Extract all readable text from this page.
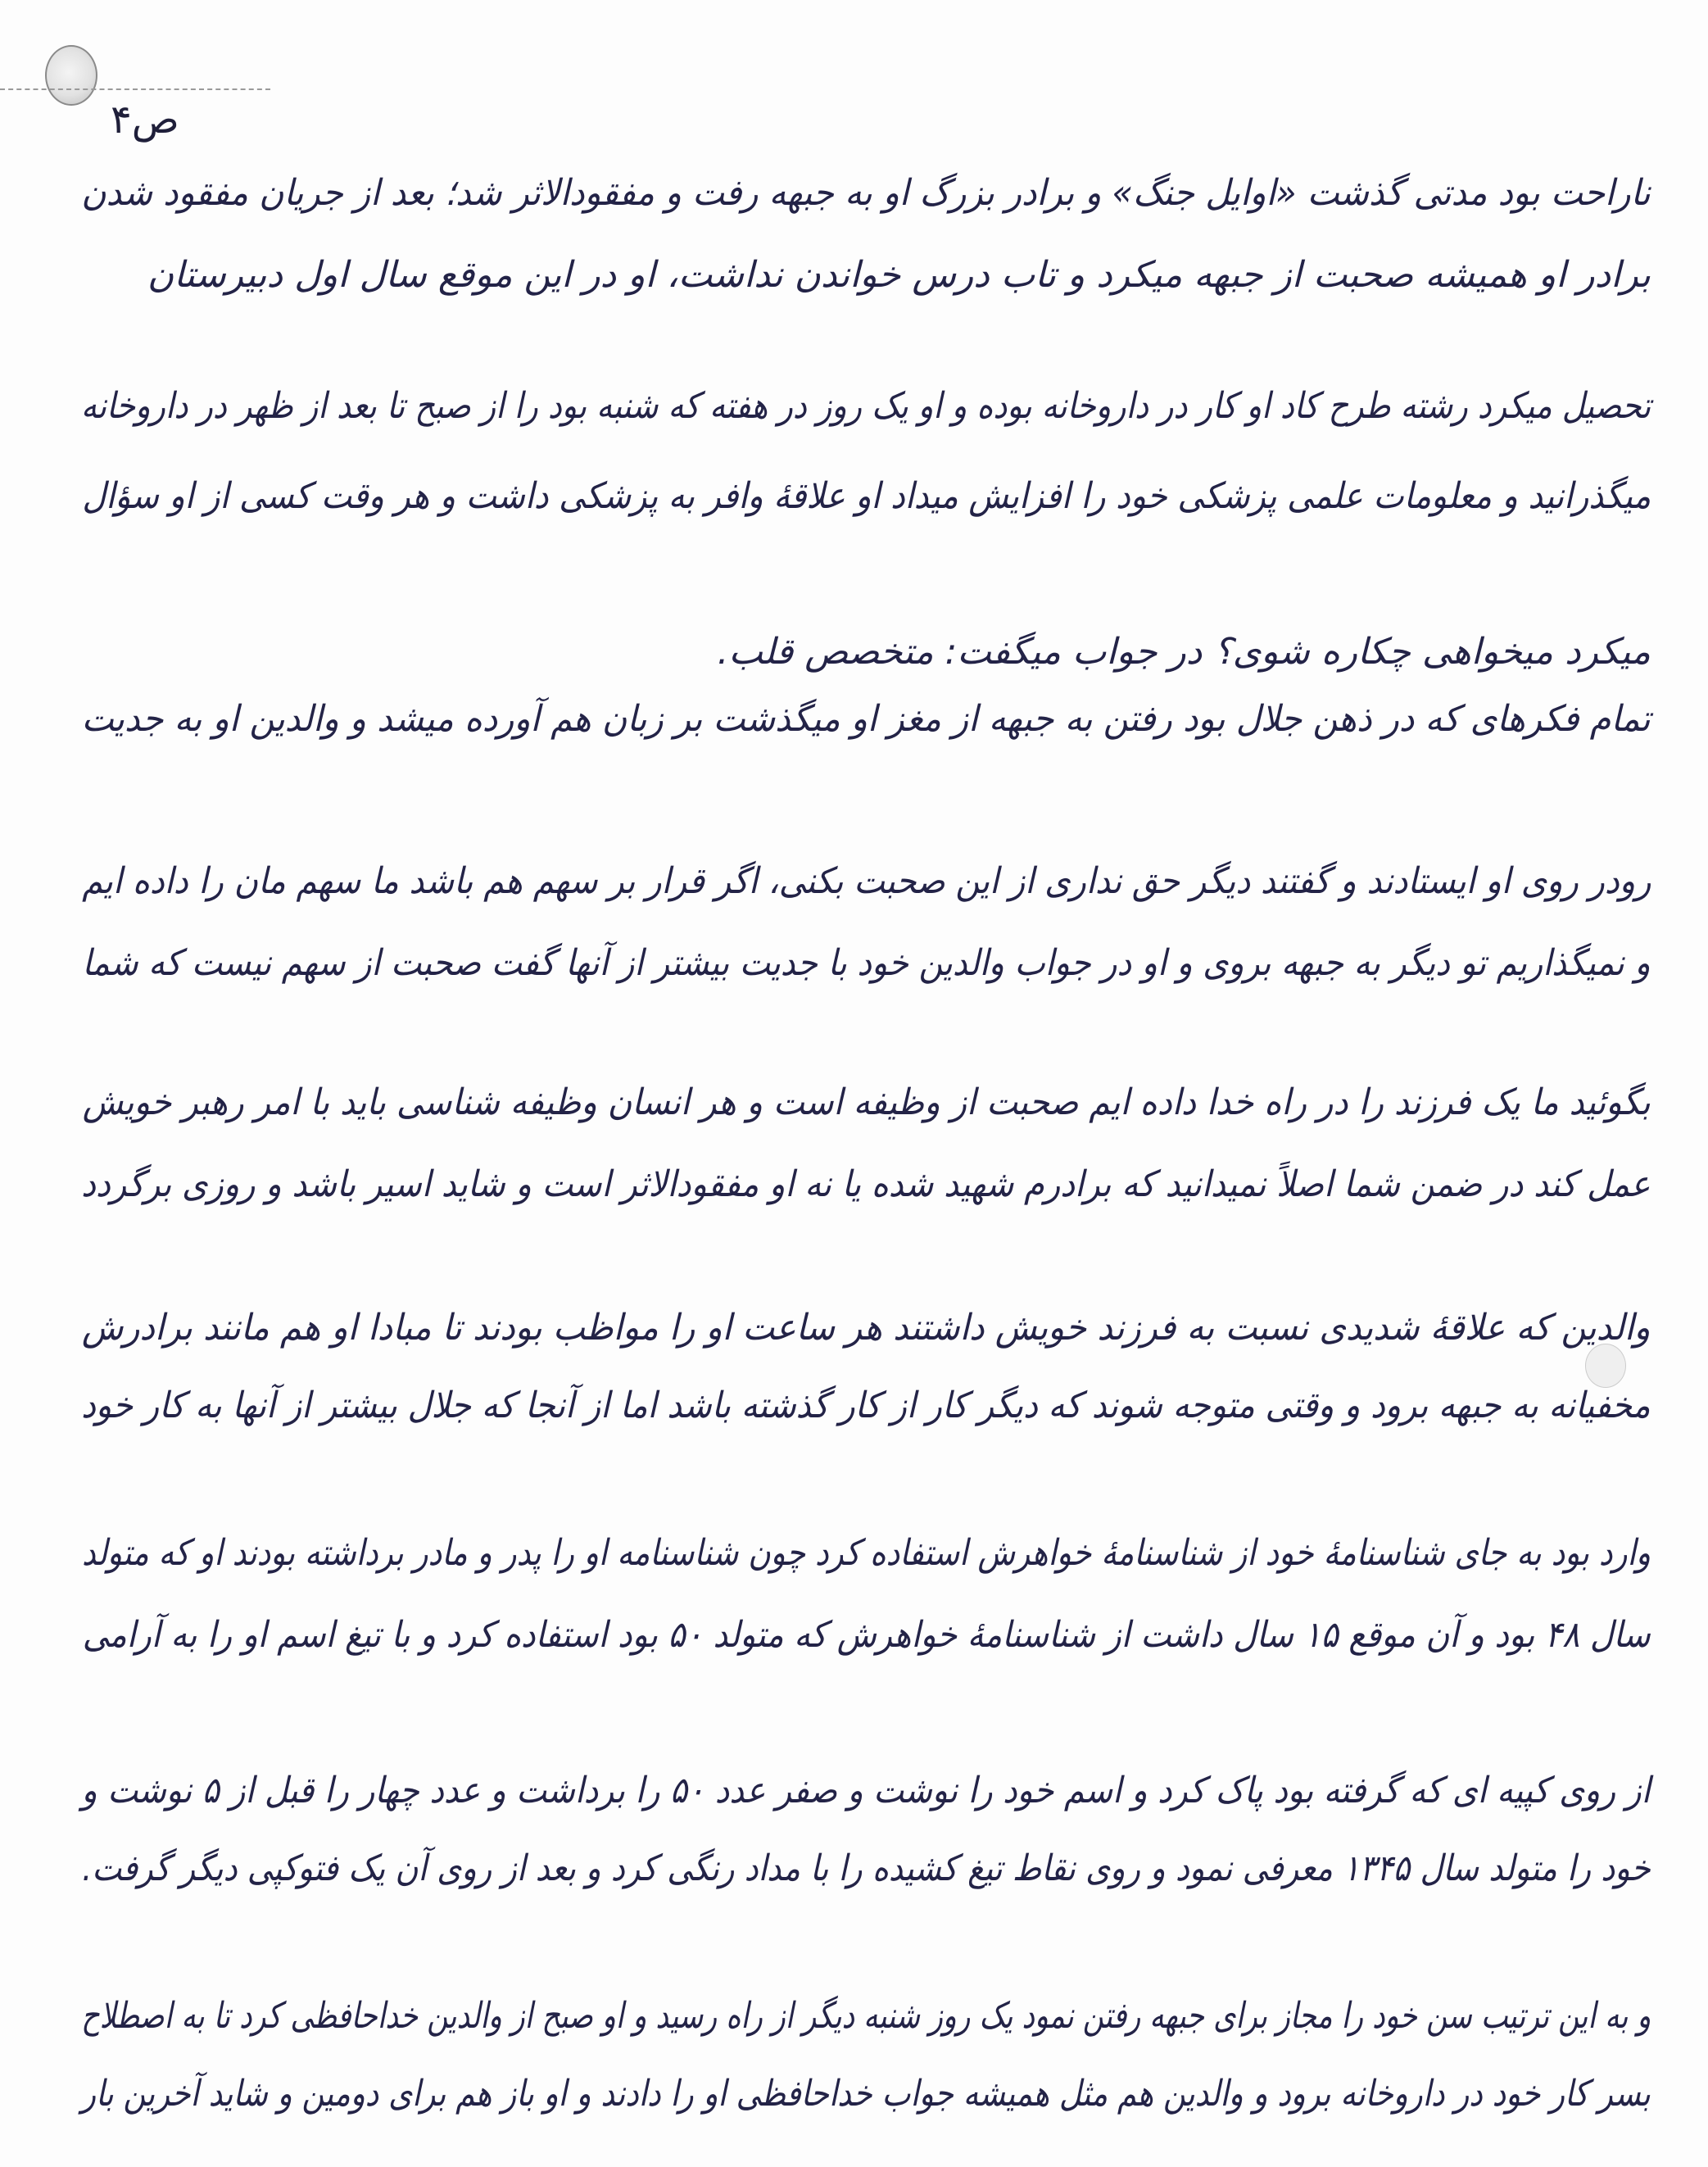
ص۴
ناراحت بود مدتی گذشت «اوایل جنگ» و برادر بزرگ او به جبهه رفت و مفقودالاثر شد؛ بعد از جریان مفقود شدن
برادر او همیشه صحبت از جبهه میکرد و تاب درس خواندن نداشت، او در این موقع سال اول دبیرستان
تحصیل میکرد رشته طرح کاد او کار در داروخانه بوده و او یک روز در هفته که شنبه بود را از صبح تا بعد از ظهر در داروخانه
میگذرانید و معلومات علمی پزشکی خود را افزایش میداد او علاقهٔ وافر به پزشکی داشت و هر وقت کسی از او سؤال
میکرد میخواهی چکاره شوی؟ در جواب میگفت: متخصص قلب.
تمام فکرهای که در ذهن جلال بود رفتن به جبهه از مغز او میگذشت بر زبان هم آورده میشد و والدین او به جدیت
رودر روی او ایستادند و گفتند دیگر حق نداری از این صحبت بکنی، اگر قرار بر سهم هم باشد ما سهم مان را داده ایم
و نمیگذاریم تو دیگر به جبهه بروی و او در جواب والدین خود با جدیت بیشتر از آنها گفت صحبت از سهم نیست که شما
بگوئید ما یک فرزند را در راه خدا داده ایم صحبت از وظیفه است و هر انسان وظیفه شناسی باید با امر رهبر خویش
عمل کند در ضمن شما اصلاً نمیدانید که برادرم شهید شده یا نه او مفقودالاثر است و شاید اسیر باشد و روزی برگردد
والدین که علاقهٔ شدیدی نسبت به فرزند خویش داشتند هر ساعت او را مواظب بودند تا مبادا او هم مانند برادرش
مخفیانه به جبهه برود و وقتی متوجه شوند که دیگر کار از کار گذشته باشد اما از آنجا که جلال بیشتر از آنها به کار خود
وارد بود به جای شناسنامهٔ خود از شناسنامهٔ خواهرش استفاده کرد چون شناسنامه او را پدر و مادر برداشته بودند او که متولد
سال ۴۸ بود و آن موقع ۱۵ سال داشت از شناسنامهٔ خواهرش که متولد ۵۰ بود استفاده کرد و با تیغ اسم او را به آرامی
از روی کپیه ای که گرفته بود پاک کرد و اسم خود را نوشت و صفر عدد ۵۰ را برداشت و عدد چهار را قبل از ۵ نوشت و
خود را متولد سال ۱۳۴۵ معرفی نمود و روی نقاط تیغ کشیده را با مداد رنگی کرد و بعد از روی آن یک فتوکپی دیگر گرفت.
و به این ترتیب سن خود را مجاز برای جبهه رفتن نمود یک روز شنبه دیگر از راه رسید و او صبح از والدین خداحافظی کرد تا به اصطلاح
بسر کار خود در داروخانه برود و والدین هم مثل همیشه جواب خداحافظی او را دادند و او باز هم برای دومین و شاید آخرین بار
